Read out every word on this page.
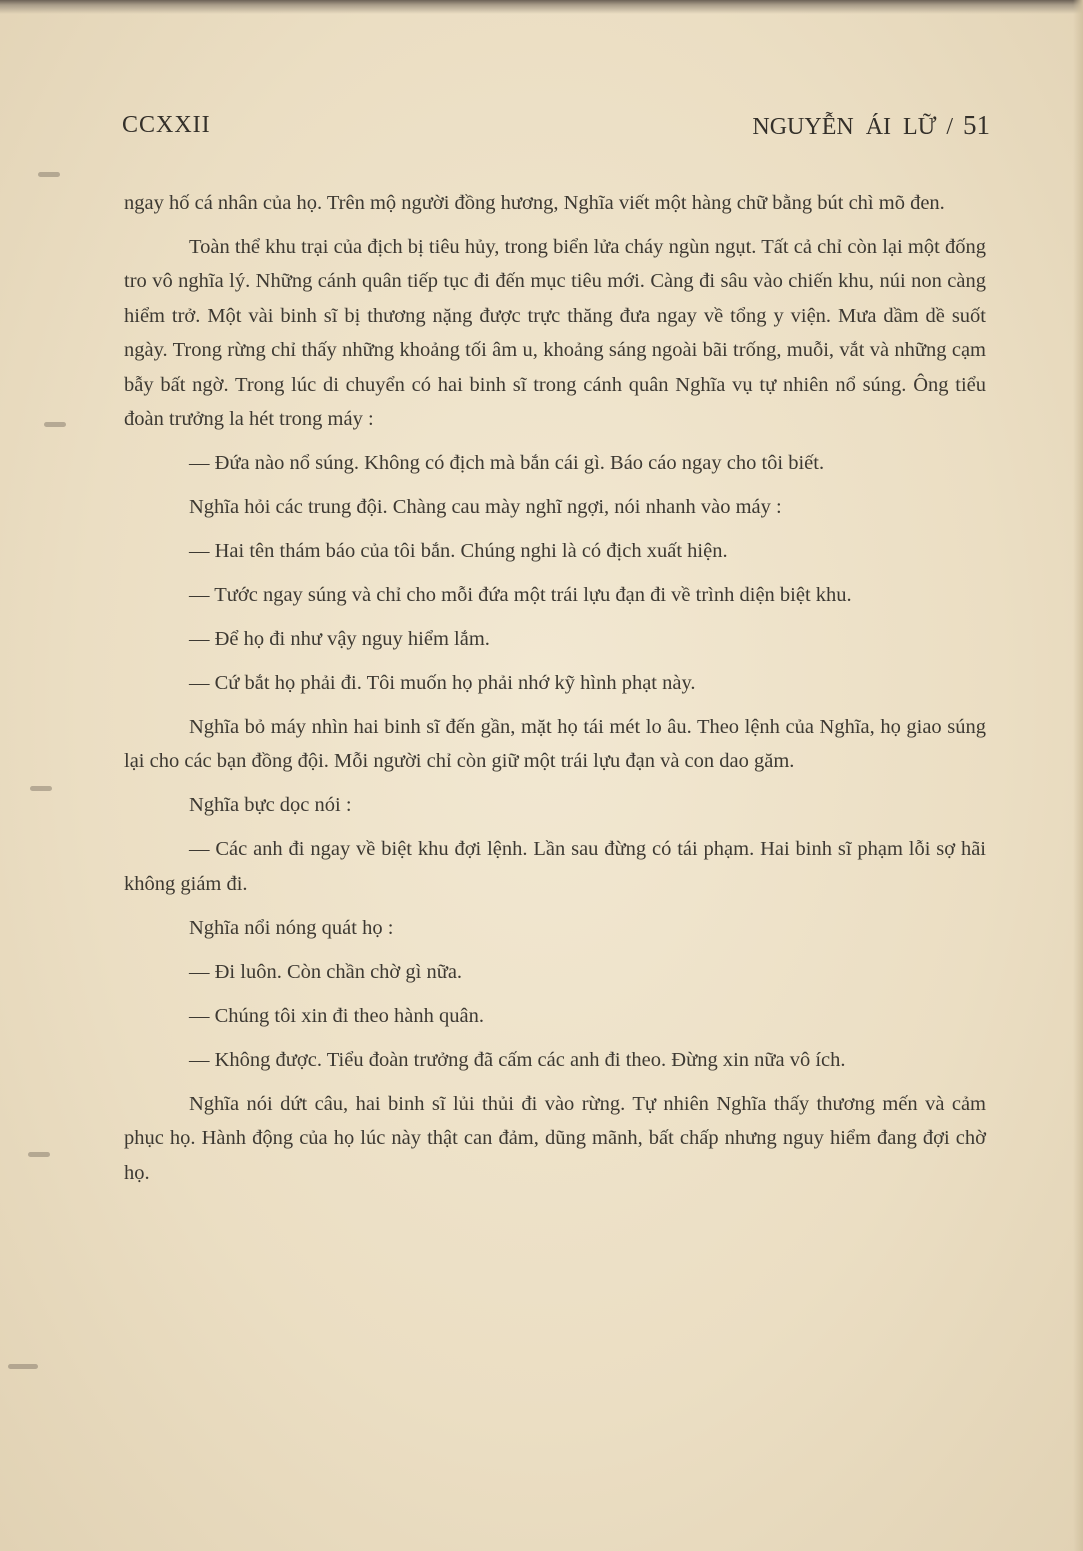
CCXXII	NGUYỄN ÁI LỮ / 51

ngay hố cá nhân của họ. Trên mộ người đồng hương, Nghĩa viết một hàng chữ bằng bút chì mõ đen.

Toàn thể khu trại của địch bị tiêu hủy, trong biển lửa cháy ngùn ngụt. Tất cả chỉ còn lại một đống tro vô nghĩa lý. Những cánh quân tiếp tục đi đến mục tiêu mới. Càng đi sâu vào chiến khu, núi non càng hiểm trở. Một vài binh sĩ bị thương nặng được trực thăng đưa ngay về tổng y viện. Mưa dầm dề suốt ngày. Trong rừng chỉ thấy những khoảng tối âm u, khoảng sáng ngoài bãi trống, muỗi, vắt và những cạm bẫy bất ngờ. Trong lúc di chuyển có hai binh sĩ trong cánh quân Nghĩa vụ tự nhiên nổ súng. Ông tiểu đoàn trưởng la hét trong máy :

— Đứa nào nổ súng. Không có địch mà bắn cái gì. Báo cáo ngay cho tôi biết.

Nghĩa hỏi các trung đội. Chàng cau mày nghĩ ngợi, nói nhanh vào máy :

— Hai tên thám báo của tôi bắn. Chúng nghi là có địch xuất hiện.

— Tước ngay súng và chỉ cho mỗi đứa một trái lựu đạn đi về trình diện biệt khu.

— Để họ đi như vậy nguy hiểm lắm.

— Cứ bắt họ phải đi. Tôi muốn họ phải nhớ kỹ hình phạt này.

Nghĩa bỏ máy nhìn hai binh sĩ đến gần, mặt họ tái mét lo âu. Theo lệnh của Nghĩa, họ giao súng lại cho các bạn đồng đội. Mỗi người chỉ còn giữ một trái lựu đạn và con dao găm.

Nghĩa bực dọc nói :

— Các anh đi ngay về biệt khu đợi lệnh. Lần sau đừng có tái phạm. Hai binh sĩ phạm lỗi sợ hãi không giám đi.

Nghĩa nổi nóng quát họ :

— Đi luôn. Còn chần chờ gì nữa.

— Chúng tôi xin đi theo hành quân.

— Không được. Tiểu đoàn trưởng đã cấm các anh đi theo. Đừng xin nữa vô ích.

Nghĩa nói dứt câu, hai binh sĩ lủi thủi đi vào rừng. Tự nhiên Nghĩa thấy thương mến và cảm phục họ. Hành động của họ lúc này thật can đảm, dũng mãnh, bất chấp nhưng nguy hiểm đang đợi chờ họ.
